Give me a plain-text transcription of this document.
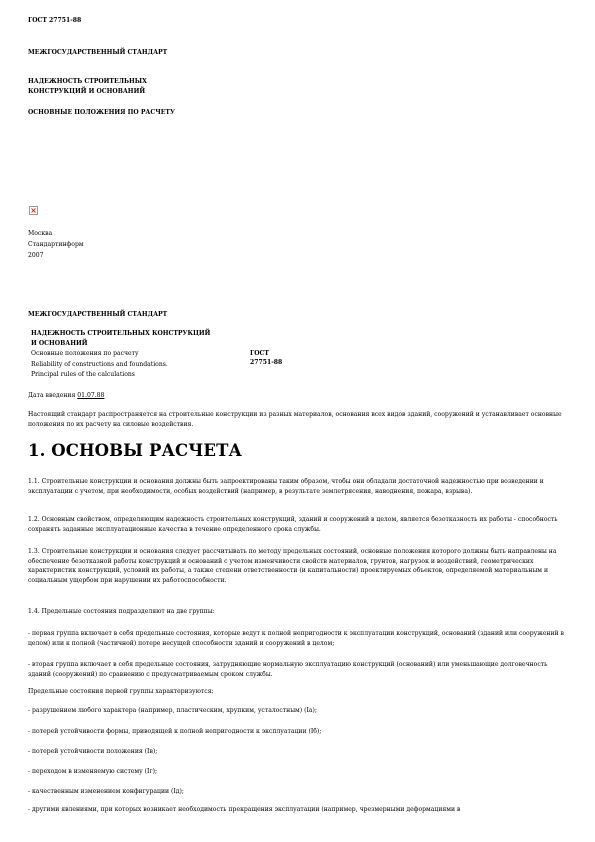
ГОСТ 27751-88

МЕЖГОСУДАРСТВЕННЫЙ СТАНДАРТ

НАДЕЖНОСТЬ СТРОИТЕЛЬНЫХ

КОНСТРУКЦИЙ И ОСНОВАНИЙ

ОСНОВНЫЕ ПОЛОЖЕНИЯ ПО РАСЧЕТУ

Москва

Стандартинформ

2007

МЕЖГОСУДАРСТВЕННЫЙ СТАНДАРТ

НАДЕЖНОСТЬ СТРОИТЕЛЬНЫХ КОНСТРУКЦИЙ

И ОСНОВАНИЙ

Основные положения по расчету

Reliability of constructions and foundations.

Principal rules of the calculations

ГОСТ
27751-88

Дата введения 01.07.88

Настоящий стандарт распространяется на строительные конструкции из разных материалов, основания всех видов зданий, сооружений и устанавливает основные положения по их расчету на силовые воздействия.

1. ОСНОВЫ РАСЧЕТА

1.1. Строительные конструкции и основания должны быть запроектированы таким образом, чтобы они обладали достаточной надежностью при возведении и эксплуатации с учетом, при необходимости, особых воздействий (например, в результате землетрясения, наводнения, пожара, взрыва).

1.2. Основным свойством, определяющим надежность строительных конструкций, зданий и сооружений в целом, является безотказность их работы - способность сохранять заданные эксплуатационные качества в течение определенного срока службы.

1.3. Строительные конструкции и основания следует рассчитывать по методу предельных состояний, основные положения которого должны быть направлены на обеспечение безотказной работы конструкций и оснований с учетом изменчивости свойств материалов, грунтов, нагрузок и воздействий, геометрических характеристик конструкций, условий их работы, а также степени ответственности (и капитальности) проектируемых объектов, определяемой материальным и социальным ущербом при нарушении их работоспособности.

1.4. Предельные состояния подразделяют на две группы:

- первая группа включает в себя предельные состояния, которые ведут к полной непригодности к эксплуатации конструкций, оснований (зданий или сооружений в целом) или к полной (частичной) потере несущей способности зданий и сооружений в целом;

- вторая группа включает в себя предельные состояния, затрудняющие нормальную эксплуатацию конструкций (оснований) или уменьшающие долговечность зданий (сооружений) по сравнению с предусматриваемым сроком службы.

Предельные состояния первой группы характеризуются:

- разрушением любого характера (например, пластическим, хрупким, усталостным) (Iа);

- потерей устойчивости формы, приводящей к полной непригодности к эксплуатации (Iб);

- потерей устойчивости положения (Iв);

- переходом в изменяемую систему (Iг);

- качественным изменением конфигурации (Iд);

- другими явлениями, при которых возникает необходимость прекращения эксплуатации (например, чрезмерными деформациями в
